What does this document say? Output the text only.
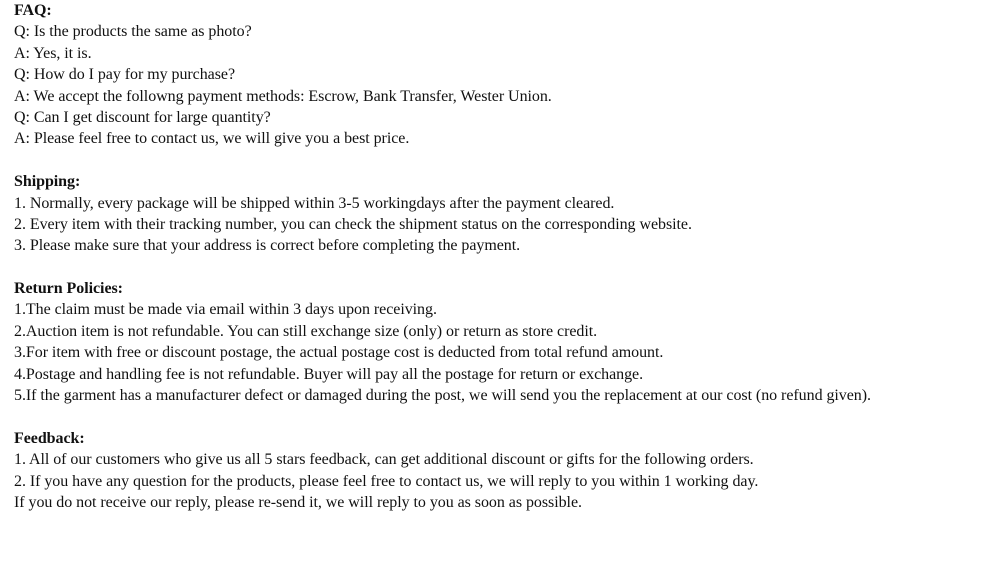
FAQ:
Q: Is the products the same as photo?
A: Yes, it is.
Q: How do I pay for my purchase?
A: We accept the followng payment methods: Escrow, Bank Transfer, Wester Union.
Q: Can I get discount for large quantity?
A: Please feel free to contact us, we will give you a best price.
Shipping:
1. Normally, every package will be shipped within 3-5 workingdays after the payment cleared.
2. Every item with their tracking number, you can check the shipment status on the corresponding website.
3. Please make sure that your address is correct before completing the payment.
Return Policies:
1.The claim must be made via email within 3 days upon receiving.
2.Auction item is not refundable. You can still exchange size (only) or return as store credit.
3.For item with free or discount postage, the actual postage cost is deducted from total refund amount.
4.Postage and handling fee is not refundable. Buyer will pay all the postage for return or exchange.
5.If the garment has a manufacturer defect or damaged during the post, we will send you the replacement at our cost (no refund given).
Feedback:
1. All of our customers who give us all 5 stars feedback, can get additional discount or gifts for the following orders.
2. If you have any question for the products, please feel free to contact us, we will reply to you within 1 working day.
If you do not receive our reply, please re-send it, we will reply to you as soon as possible.
